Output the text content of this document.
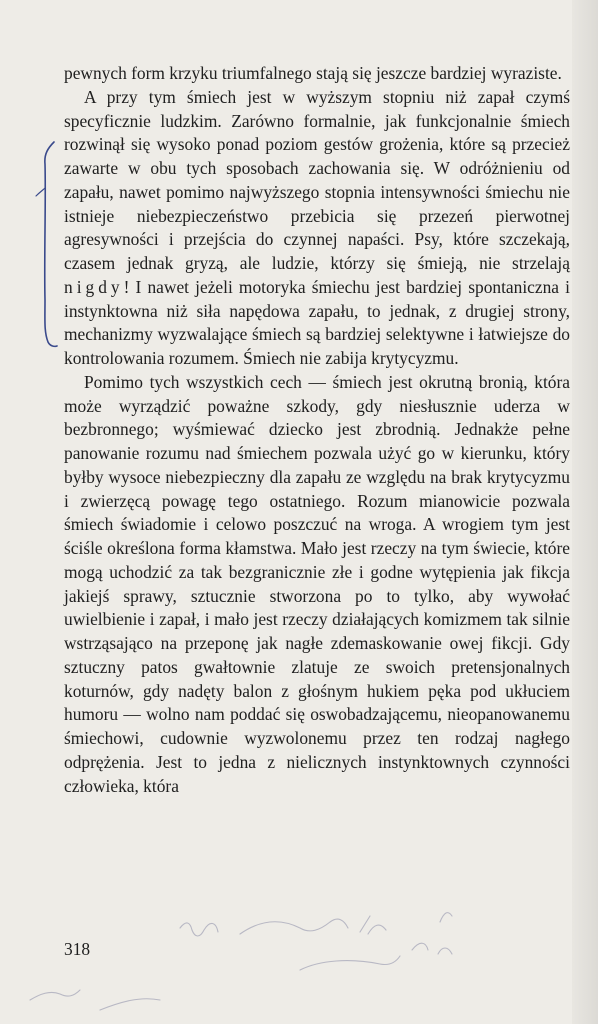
pewnych form krzyku triumfalnego stają się jeszcze bardziej wyraziste.

A przy tym śmiech jest w wyższym stopniu niż zapał czymś specyficznie ludzkim. Zarówno formalnie, jak funkcjonalnie śmiech rozwinął się wysoko ponad poziom gestów grożenia, które są przecież zawarte w obu tych sposobach zachowania się. W odróżnieniu od zapału, nawet pomimo najwyższego stopnia intensywności śmiechu nie istnieje niebezpieczeństwo przebicia się przezeń pierwotnej agresywności i przejścia do czynnej napaści. Psy, które szczekają, czasem jednak gryzą, ale ludzie, którzy się śmieją, nie strzelają nigdy! I nawet jeżeli motoryka śmiechu jest bardziej spontaniczna i instynktowna niż siła napędowa zapału, to jednak, z drugiej strony, mechanizmy wyzwalające śmiech są bardziej selektywne i łatwiejsze do kontrolowania rozumem. Śmiech nie zabija krytycyzmu.

Pomimo tych wszystkich cech — śmiech jest okrutną bronią, która może wyrządzić poważne szkody, gdy niesłusznie uderza w bezbronnego; wyśmiewać dziecko jest zbrodnią. Jednakże pełne panowanie rozumu nad śmiechem pozwala użyć go w kierunku, który byłby wysoce niebezpieczny dla zapału ze względu na brak krytycyzmu i zwierzęcą powagę tego ostatniego. Rozum mianowicie pozwala śmiech świadomie i celowo poszczuć na wroga. A wrogiem tym jest ściśle określona forma kłamstwa. Mało jest rzeczy na tym świecie, które mogą uchodzić za tak bezgranicznie złe i godne wytępienia jak fikcja jakiejś sprawy, sztucznie stworzona po to tylko, aby wywołać uwielbienie i zapał, i mało jest rzeczy działających komizmem tak silnie wstrząsająco na przeponę jak nagłe zdemaskowanie owej fikcji. Gdy sztuczny patos gwałtownie zlatuje ze swoich pretensjonalnych koturnów, gdy nadęty balon z głośnym hukiem pęka pod ukłuciem humoru — wolno nam poddać się oswobadzającemu, nieopanowanemu śmiechowi, cudownie wyzwolonemu przez ten rodzaj nagłego odprężenia. Jest to jedna z nielicznych instynktownych czynności człowieka, która

318
